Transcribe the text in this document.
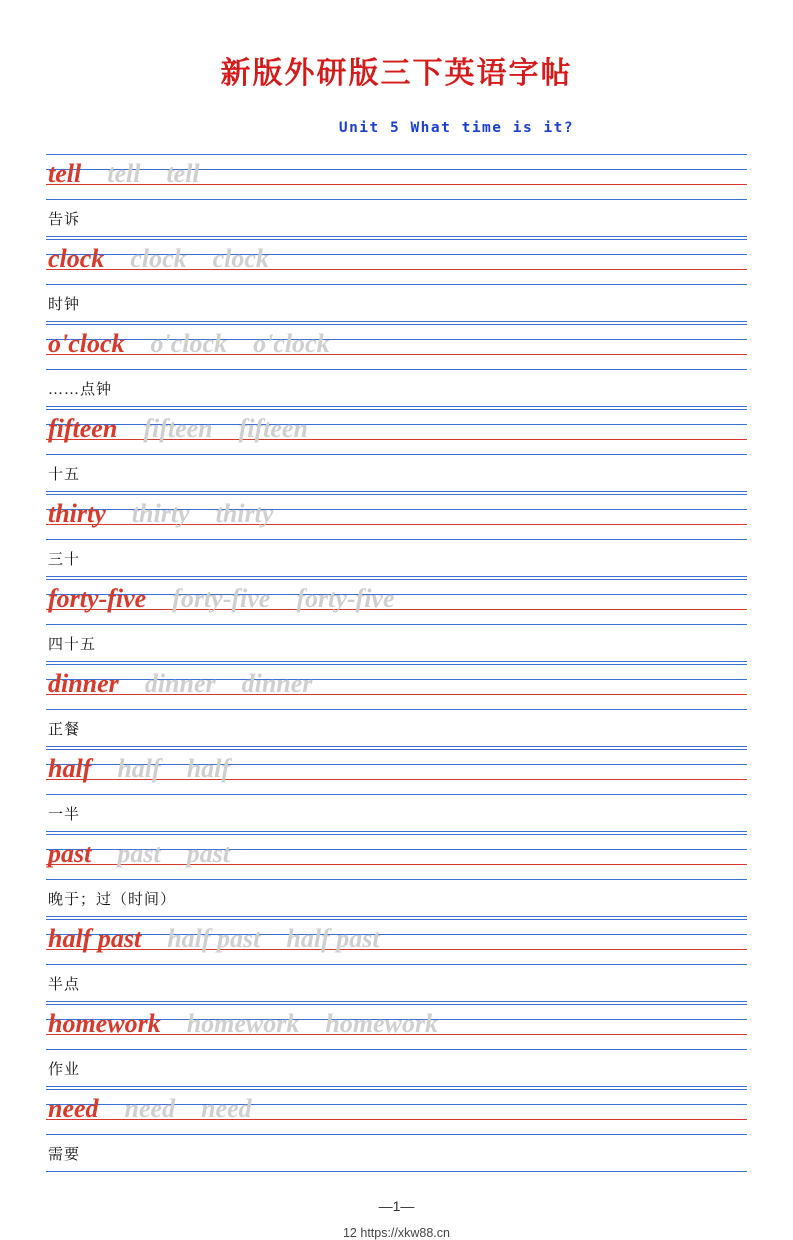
新版外研版三下英语字帖
Unit 5 What time is it?
tell tell tell
告诉
clock clock clock
时钟
o'clock o'clock o'clock
……点钟
fifteen fifteen fifteen
十五
thirty thirty thirty
三十
forty-five forty-five forty-five
四十五
dinner dinner dinner
正餐
half half half
一半
past past past
晚于；过（时间）
half past half past half past
半点
homework homework homework
作业
need need need
需要
—1—
12 https://xkw88.cn
